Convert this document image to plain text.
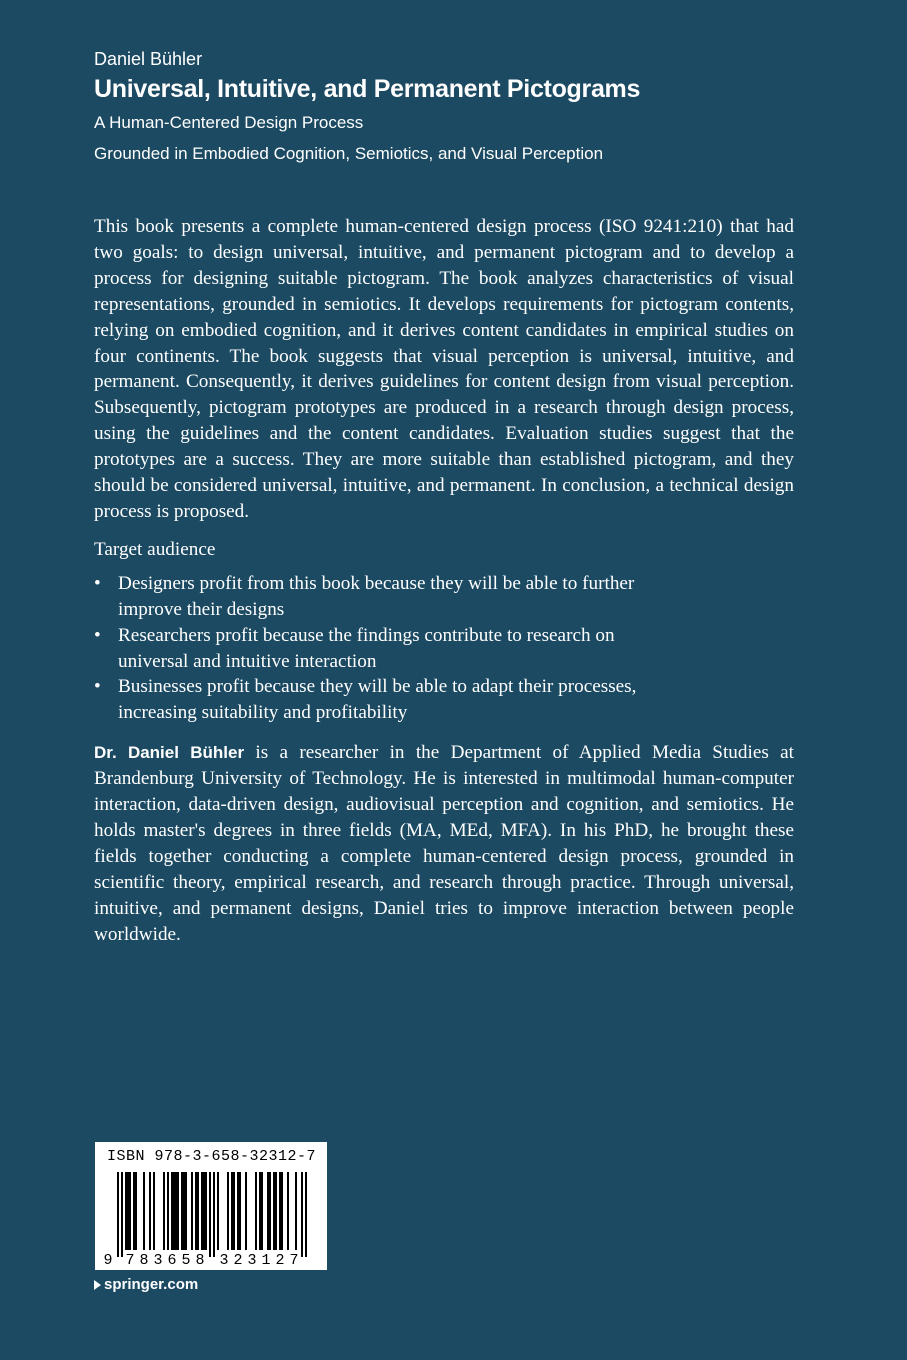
Daniel Bühler

Universal, Intuitive, and Permanent Pictograms

A Human-Centered Design Process

Grounded in Embodied Cognition, Semiotics, and Visual Perception

This book presents a complete human-centered design process (ISO 9241:210) that had two goals: to design universal, intuitive, and permanent pictogram and to develop a process for designing suitable pictogram. The book analyzes characteristics of visual representations, grounded in semiotics. It develops requirements for pictogram contents, relying on embodied cognition, and it derives content candidates in empirical studies on four continents. The book suggests that visual perception is universal, intuitive, and permanent. Consequently, it derives guidelines for content design from visual perception. Subsequently, pictogram prototypes are produced in a research through design process, using the guidelines and the content candidates. Evaluation studies suggest that the prototypes are a success. They are more suitable than established pictogram, and they should be considered universal, intuitive, and permanent. In conclusion, a technical design process is proposed.

Target audience

• Designers profit from this book because they will be able to further improve their designs
• Researchers profit because the findings contribute to research on universal and intuitive interaction
• Businesses profit because they will be able to adapt their processes, increasing suitability and profitability

Dr. Daniel Bühler is a researcher in the Department of Applied Media Studies at Brandenburg University of Technology. He is interested in multimodal human-computer interaction, data-driven design, audiovisual perception and cognition, and semiotics. He holds master's degrees in three fields (MA, MEd, MFA). In his PhD, he brought these fields together conducting a complete human-centered design process, grounded in scientific theory, empirical research, and research through practice. Through universal, intuitive, and permanent designs, Daniel tries to improve interaction between people worldwide.

9 7 8 3 6 5 8 3 2 3 1 2 7
ISBN 978-3-658-32312-7
springer.com
